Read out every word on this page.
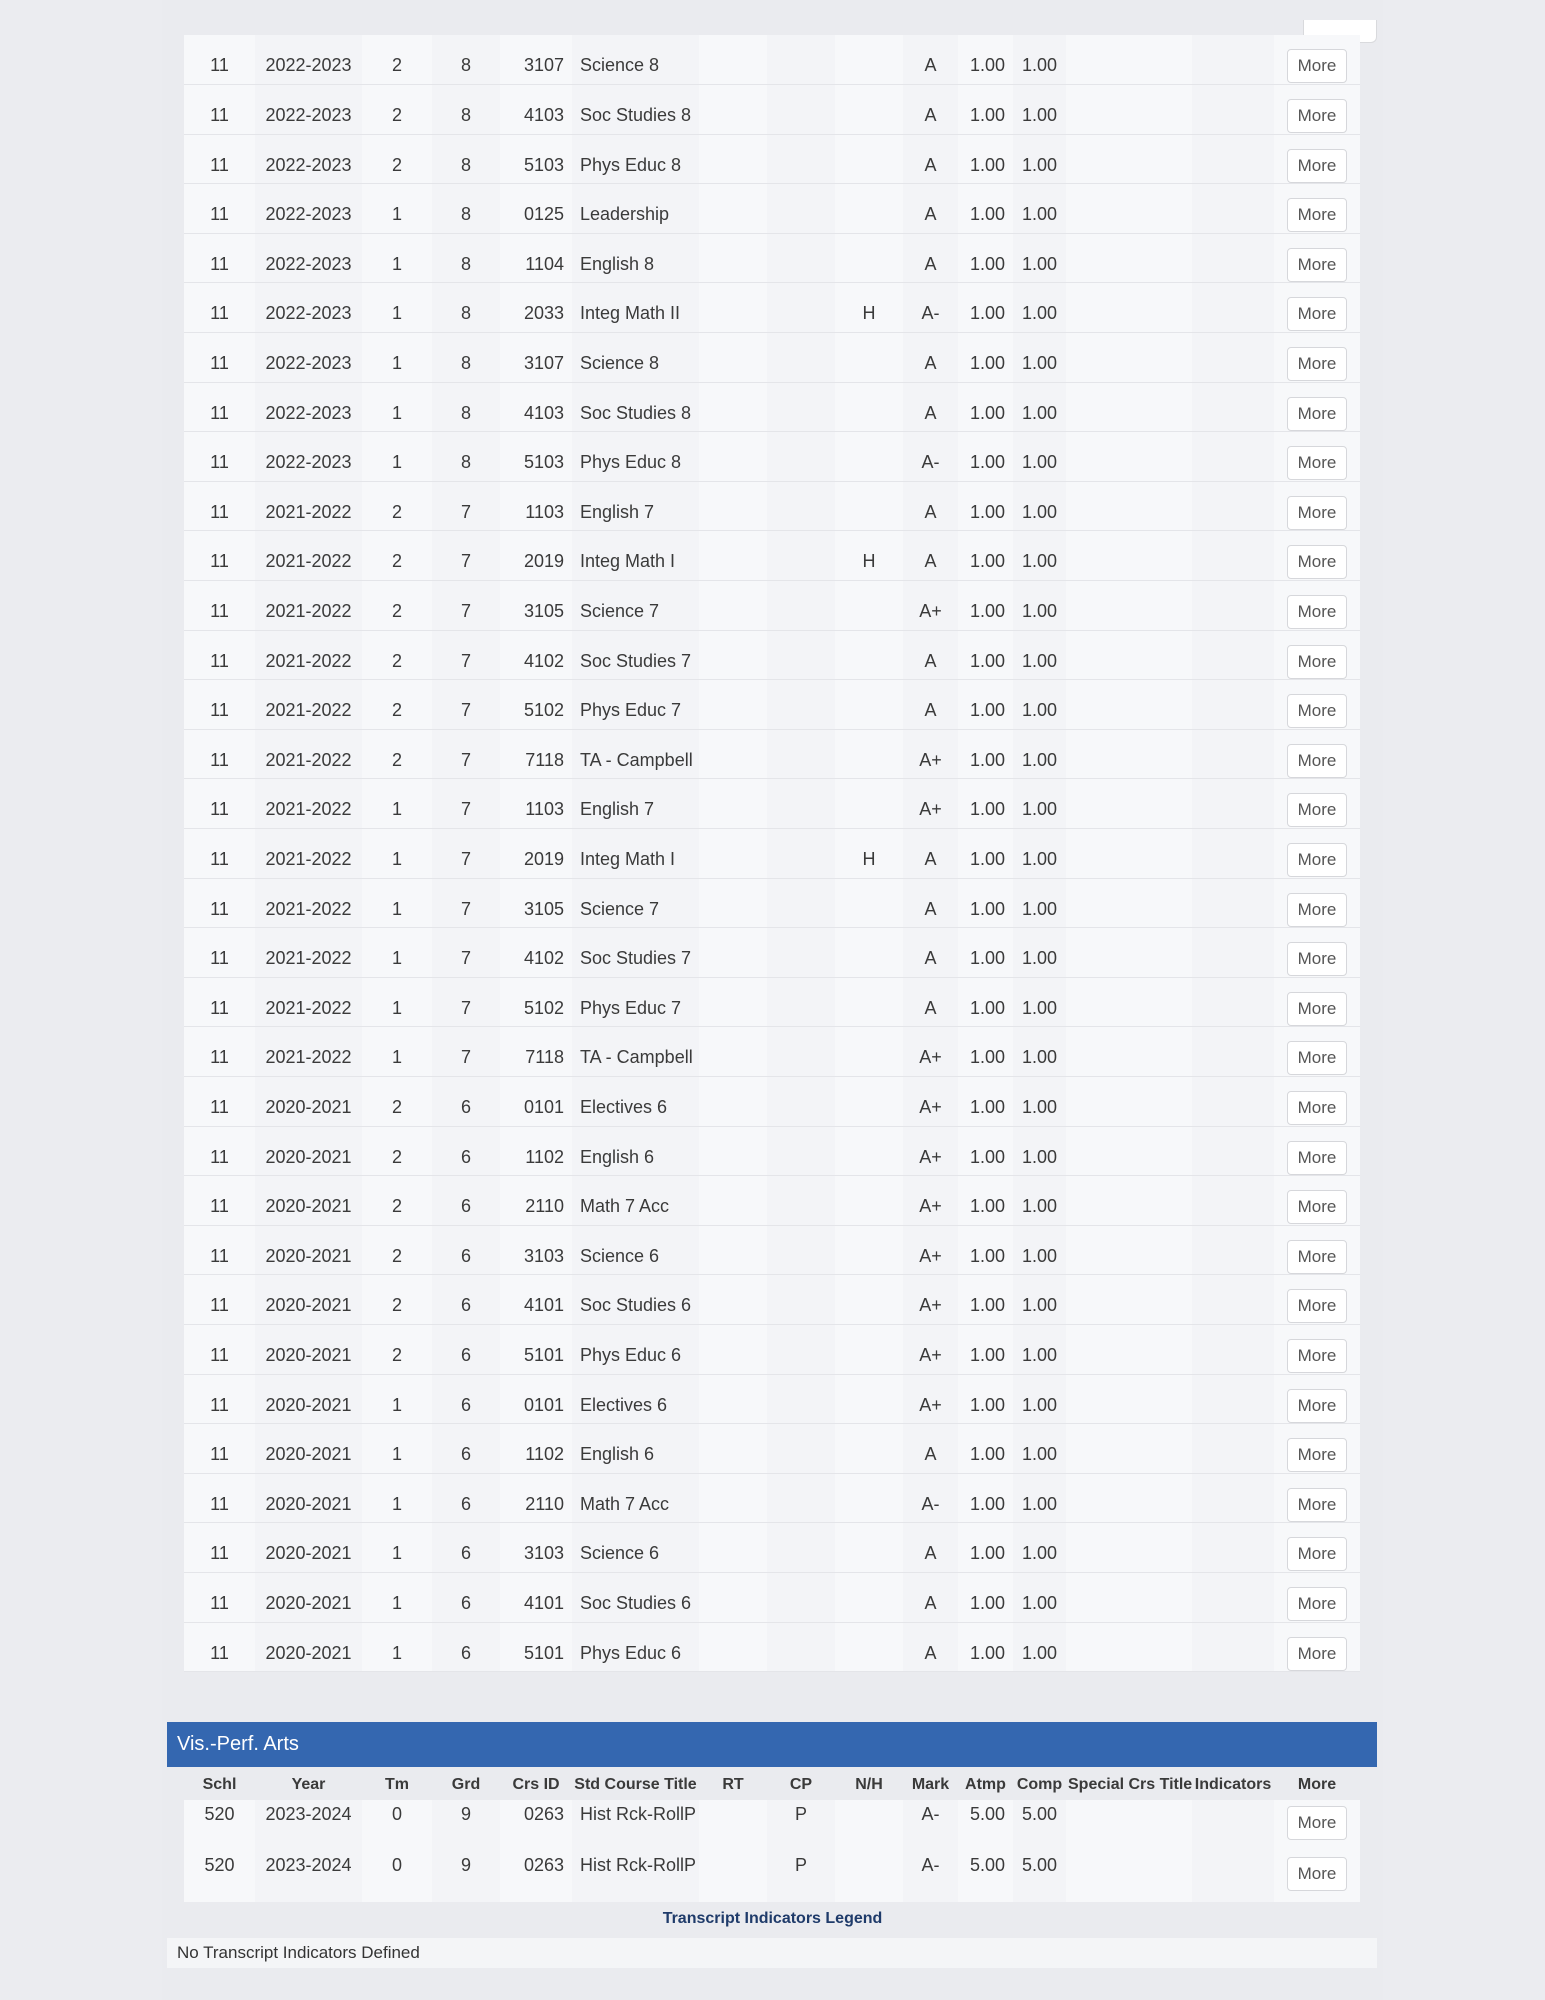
11	2022-2023	2	8	3107	Science 8				A	1.00	1.00			More
11	2022-2023	2	8	4103	Soc Studies 8				A	1.00	1.00			More
11	2022-2023	2	8	5103	Phys Educ 8				A	1.00	1.00			More
11	2022-2023	1	8	0125	Leadership				A	1.00	1.00			More
11	2022-2023	1	8	1104	English 8				A	1.00	1.00			More
11	2022-2023	1	8	2033	Integ Math II			H	A-	1.00	1.00			More
11	2022-2023	1	8	3107	Science 8				A	1.00	1.00			More
11	2022-2023	1	8	4103	Soc Studies 8				A	1.00	1.00			More
11	2022-2023	1	8	5103	Phys Educ 8				A-	1.00	1.00			More
11	2021-2022	2	7	1103	English 7				A	1.00	1.00			More
11	2021-2022	2	7	2019	Integ Math I			H	A	1.00	1.00			More
11	2021-2022	2	7	3105	Science 7				A+	1.00	1.00			More
11	2021-2022	2	7	4102	Soc Studies 7				A	1.00	1.00			More
11	2021-2022	2	7	5102	Phys Educ 7				A	1.00	1.00			More
11	2021-2022	2	7	7118	TA - Campbell				A+	1.00	1.00			More
11	2021-2022	1	7	1103	English 7				A+	1.00	1.00			More
11	2021-2022	1	7	2019	Integ Math I			H	A	1.00	1.00			More
11	2021-2022	1	7	3105	Science 7				A	1.00	1.00			More
11	2021-2022	1	7	4102	Soc Studies 7				A	1.00	1.00			More
11	2021-2022	1	7	5102	Phys Educ 7				A	1.00	1.00			More
11	2021-2022	1	7	7118	TA - Campbell				A+	1.00	1.00			More
11	2020-2021	2	6	0101	Electives 6				A+	1.00	1.00			More
11	2020-2021	2	6	1102	English 6				A+	1.00	1.00			More
11	2020-2021	2	6	2110	Math 7 Acc				A+	1.00	1.00			More
11	2020-2021	2	6	3103	Science 6				A+	1.00	1.00			More
11	2020-2021	2	6	4101	Soc Studies 6				A+	1.00	1.00			More
11	2020-2021	2	6	5101	Phys Educ 6				A+	1.00	1.00			More
11	2020-2021	1	6	0101	Electives 6				A+	1.00	1.00			More
11	2020-2021	1	6	1102	English 6				A	1.00	1.00			More
11	2020-2021	1	6	2110	Math 7 Acc				A-	1.00	1.00			More
11	2020-2021	1	6	3103	Science 6				A	1.00	1.00			More
11	2020-2021	1	6	4101	Soc Studies 6				A	1.00	1.00			More
11	2020-2021	1	6	5101	Phys Educ 6				A	1.00	1.00			More
Vis.-Perf. Arts
Schl	Year	Tm	Grd	Crs ID	Std Course Title	RT	CP	N/H	Mark	Atmp	Comp	Special Crs Title	Indicators	More
520	2023-2024	0	9	0263	Hist Rck-RollP		P		A-	5.00	5.00			More
520	2023-2024	0	9	0263	Hist Rck-RollP		P		A-	5.00	5.00			More
Transcript Indicators Legend
No Transcript Indicators Defined
